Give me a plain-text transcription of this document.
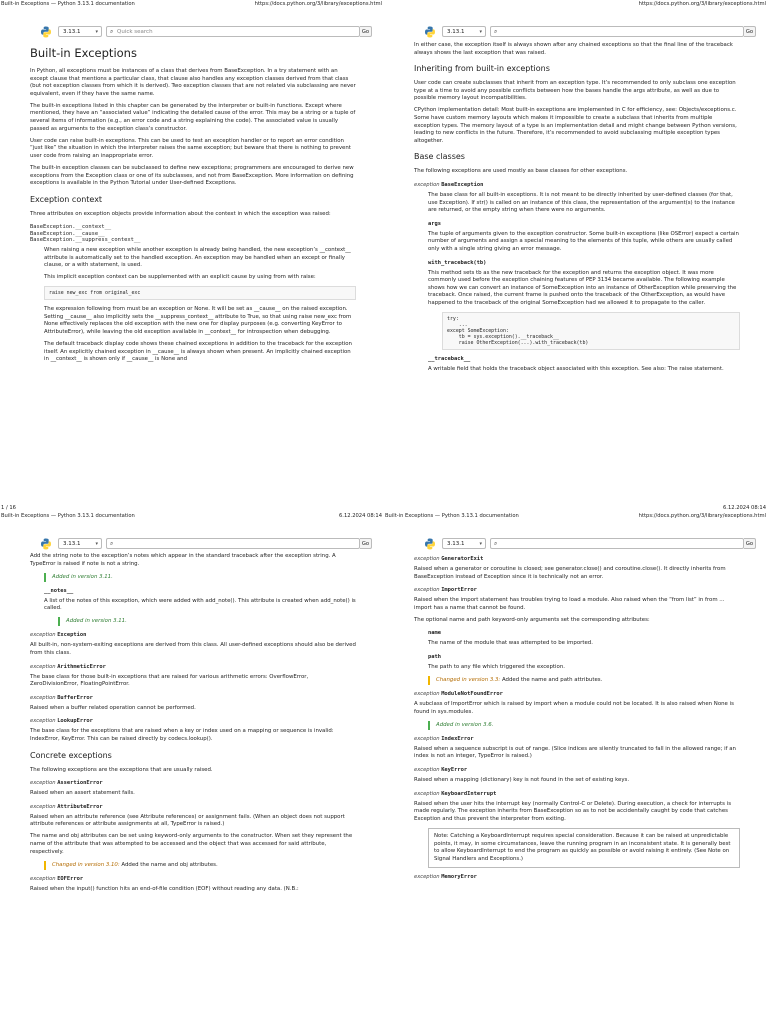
Built-in Exceptions — Python 3.13.1 documentation	https://docs.python.org/3/library/exceptions.html
3.13.1	▾ ⌕ Quick search	Go
Built-in Exceptions

In Python, all exceptions must be instances of a class that derives from BaseException. In a try statement with an except clause that mentions a particular class, that clause also handles any exception classes derived from that class (but not exception classes from which it is derived). Two exception classes that are not related via subclassing are never equivalent, even if they have the same name.

The built-in exceptions listed in this chapter can be generated by the interpreter or built-in functions. Except where mentioned, they have an “associated value” indicating the detailed cause of the error. This may be a string or a tuple of several items of information (e.g., an error code and a string explaining the code). The associated value is usually passed as arguments to the exception class’s constructor.

User code can raise built-in exceptions. This can be used to test an exception handler or to report an error condition “just like” the situation in which the interpreter raises the same exception; but beware that there is nothing to prevent user code from raising an inappropriate error.

The built-in exception classes can be subclassed to define new exceptions; programmers are encouraged to derive new exceptions from the Exception class or one of its subclasses, and not from BaseException. More information on defining exceptions is available in the Python Tutorial under User-defined Exceptions.

Exception context

Three attributes on exception objects provide information about the context in which the exception was raised:

BaseException.__context__
BaseException.__cause__
BaseException.__suppress_context__

When raising a new exception while another exception is already being handled, the new exception’s __context__ attribute is automatically set to the handled exception. An exception may be handled when an except or finally clause, or a with statement, is used.

This implicit exception context can be supplemented with an explicit cause by using from with raise:

raise new_exc from original_exc

The expression following from must be an exception or None. It will be set as __cause__ on the raised exception. Setting __cause__ also implicitly sets the __suppress_context__ attribute to True, so that using raise new_exc from None effectively replaces the old exception with the new one for display purposes (e.g. converting KeyError to AttributeError), while leaving the old exception available in __context__ for introspection when debugging.

The default traceback display code shows these chained exceptions in addition to the traceback for the exception itself. An explicitly chained exception in __cause__ is always shown when present. An implicitly chained exception in __context__ is shown only if __cause__ is None and

1 / 16
https://docs.python.org/3/library/exceptions.html
3.13.1	▾ ⌕	Go

In either case, the exception itself is always shown after any chained exceptions so that the final line of the traceback always shows the last exception that was raised.

Inheriting from built-in exceptions

User code can create subclasses that inherit from an exception type. It’s recommended to only subclass one exception type at a time to avoid any possible conflicts between how the bases handle the args attribute, as well as due to possible memory layout incompatibilities.

CPython implementation detail: Most built-in exceptions are implemented in C for efficiency, see: Objects/exceptions.c. Some have custom memory layouts which makes it impossible to create a subclass that inherits from multiple exception types. The memory layout of a type is an implementation detail and might change between Python versions, leading to new conflicts in the future. Therefore, it’s recommended to avoid subclassing multiple exception types altogether.

Base classes

The following exceptions are used mostly as base classes for other exceptions.

exception BaseException

The base class for all built-in exceptions. It is not meant to be directly inherited by user-defined classes (for that, use Exception). If str() is called on an instance of this class, the representation of the argument(s) to the instance are returned, or the empty string when there were no arguments.

args

The tuple of arguments given to the exception constructor. Some built-in exceptions (like OSError) expect a certain number of arguments and assign a special meaning to the elements of this tuple, while others are usually called only with a single string giving an error message.

with_traceback(tb)

This method sets tb as the new traceback for the exception and returns the exception object. It was more commonly used before the exception chaining features of PEP 3134 became available. The following example shows how we can convert an instance of SomeException into an instance of OtherException while preserving the traceback. Once raised, the current frame is pushed onto the traceback of the OtherException, as would have happened to the traceback of the original SomeException had we allowed it to propagate to the caller.

try:
...
except SomeException:
tb = sys.exception().__traceback__
raise OtherException(...).with_traceback(tb)
__traceback__

A writable field that holds the traceback object associated with this exception. See also: The raise statement.

6.12.2024 08:14
Built-in Exceptions — Python 3.13.1 documentation	6.12.2024 08:14
3.13.1	▾ ⌕	Go

Add the string note to the exception’s notes which appear in the standard traceback after the exception string. A TypeError is raised if note is not a string.

Added in version 3.11.
__notes__

A list of the notes of this exception, which were added with add_note(). This attribute is created when add_note() is called.

Added in version 3.11.
exception Exception

All built-in, non-system-exiting exceptions are derived from this class. All user-defined exceptions should also be derived from this class.

exception ArithmeticError

The base class for those built-in exceptions that are raised for various arithmetic errors: OverflowError, ZeroDivisionError, FloatingPointError.

exception BufferError

Raised when a buffer related operation cannot be performed.

exception LookupError

The base class for the exceptions that are raised when a key or index used on a mapping or sequence is invalid: IndexError, KeyError. This can be raised directly by codecs.lookup().

Concrete exceptions

The following exceptions are the exceptions that are usually raised.

exception AssertionError

Raised when an assert statement fails.

exception AttributeError

Raised when an attribute reference (see Attribute references) or assignment fails. (When an object does not support attribute references or attribute assignments at all, TypeError is raised.)

The name and obj attributes can be set using keyword-only arguments to the constructor. When set they represent the name of the attribute that was attempted to be accessed and the object that was accessed for said attribute, respectively.

Changed in version 3.10: Added the name and obj attributes.
exception EOFError

Raised when the input() function hits an end-of-file condition (EOF) without reading any data. (N.B.:

Built-in Exceptions — Python 3.13.1 documentation	https://docs.python.org/3/library/exceptions.html
3.13.1	▾ ⌕	Go
exception GeneratorExit

Raised when a generator or coroutine is closed; see generator.close() and coroutine.close(). It directly inherits from BaseException instead of Exception since it is technically not an error.

exception ImportError

Raised when the import statement has troubles trying to load a module. Also raised when the “from list” in from ... import has a name that cannot be found.

The optional name and path keyword-only arguments set the corresponding attributes:

name

The name of the module that was attempted to be imported.

path

The path to any file which triggered the exception.

Changed in version 3.3: Added the name and path attributes.
exception ModuleNotFoundError

A subclass of ImportError which is raised by import when a module could not be located. It is also raised when None is found in sys.modules.

Added in version 3.6.
exception IndexError

Raised when a sequence subscript is out of range. (Slice indices are silently truncated to fall in the allowed range; if an index is not an integer, TypeError is raised.)

exception KeyError

Raised when a mapping (dictionary) key is not found in the set of existing keys.

exception KeyboardInterrupt

Raised when the user hits the interrupt key (normally Control-C or Delete). During execution, a check for interrupts is made regularly. The exception inherits from BaseException so as to not be accidentally caught by code that catches Exception and thus prevent the interpreter from exiting.

Note: Catching a KeyboardInterrupt requires special consideration. Because it can be raised at unpredictable points, it may, in some circumstances, leave the running program in an inconsistent state. It is generally best to allow KeyboardInterrupt to end the program as quickly as possible or avoid raising it entirely. (See Note on Signal Handlers and Exceptions.)
exception MemoryError
